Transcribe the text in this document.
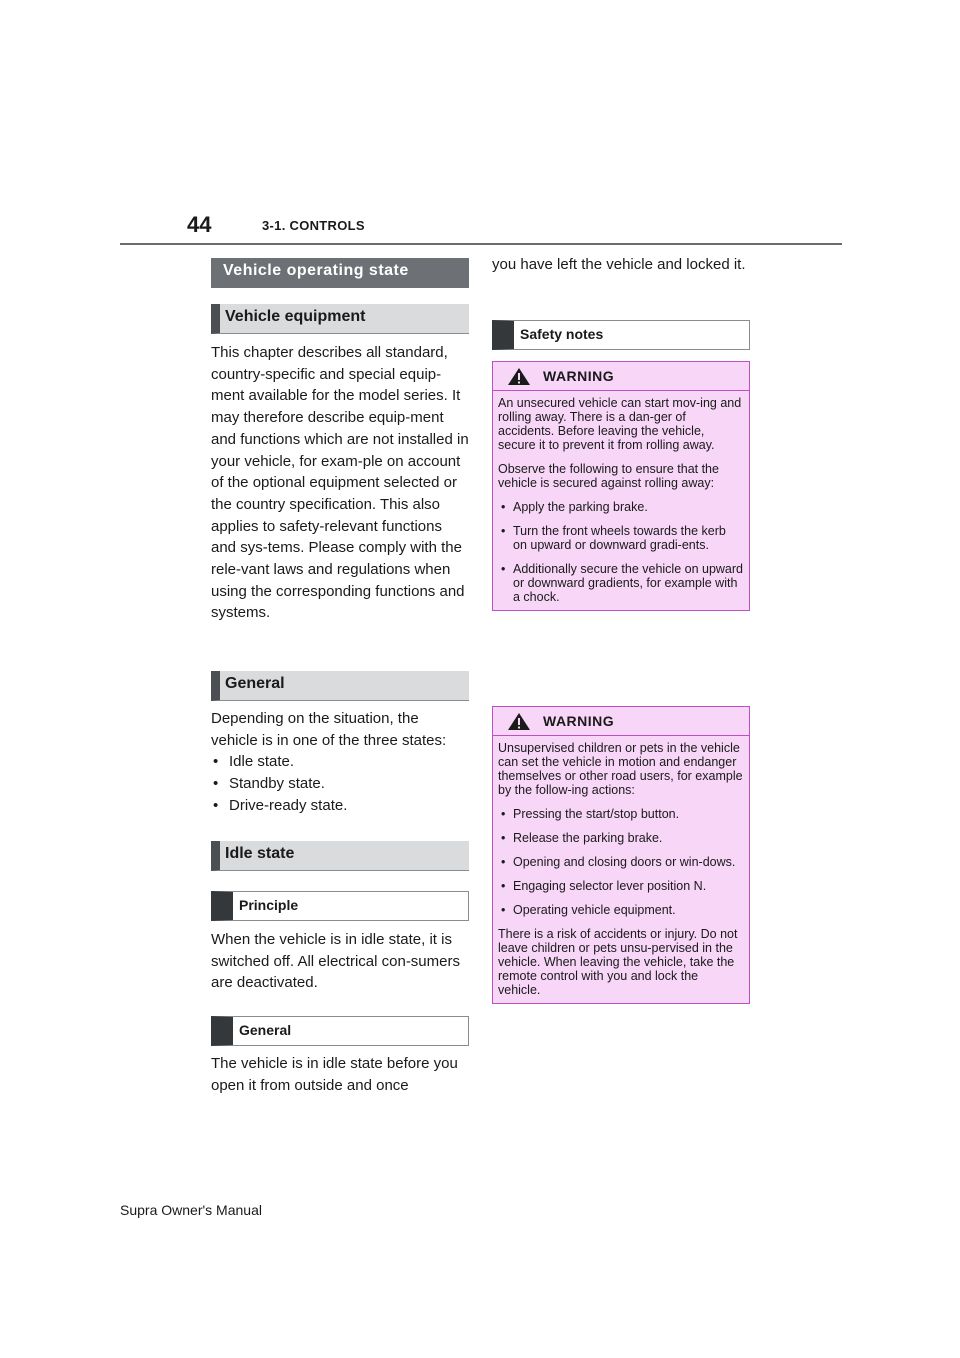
44	3-1. CONTROLS
Vehicle operating state
Vehicle equipment

This chapter describes all standard, country-specific and special equip-ment available for the model series. It may therefore describe equip-ment and functions which are not installed in your vehicle, for exam-ple on account of the optional equipment selected or the country specification. This also applies to safety-relevant functions and sys-tems. Please comply with the rele-vant laws and regulations when using the corresponding functions and systems.

General

Depending on the situation, the vehicle is in one of the three states:

• Idle state.
• Standby state.
• Drive-ready state.
Idle state
Principle

When the vehicle is in idle state, it is switched off. All electrical con-sumers are deactivated.

General

The vehicle is in idle state before you open it from outside and once

you have left the vehicle and locked it.

Safety notes
WARNING

An unsecured vehicle can start mov-ing and rolling away. There is a dan-ger of accidents. Before leaving the vehicle, secure it to prevent it from rolling away.

Observe the following to ensure that the vehicle is secured against rolling away:

• Apply the parking brake.
• Turn the front wheels towards the kerb on upward or downward gradi-ents.
• Additionally secure the vehicle on upward or downward gradients, for example with a chock.
WARNING

Unsupervised children or pets in the vehicle can set the vehicle in motion and endanger themselves or other road users, for example by the follow-ing actions:

• Pressing the start/stop button.
• Release the parking brake.
• Opening and closing doors or win-dows.
• Engaging selector lever position N.
• Operating vehicle equipment.

There is a risk of accidents or injury. Do not leave children or pets unsu-pervised in the vehicle. When leaving the vehicle, take the remote control with you and lock the vehicle.

Supra Owner's Manual
